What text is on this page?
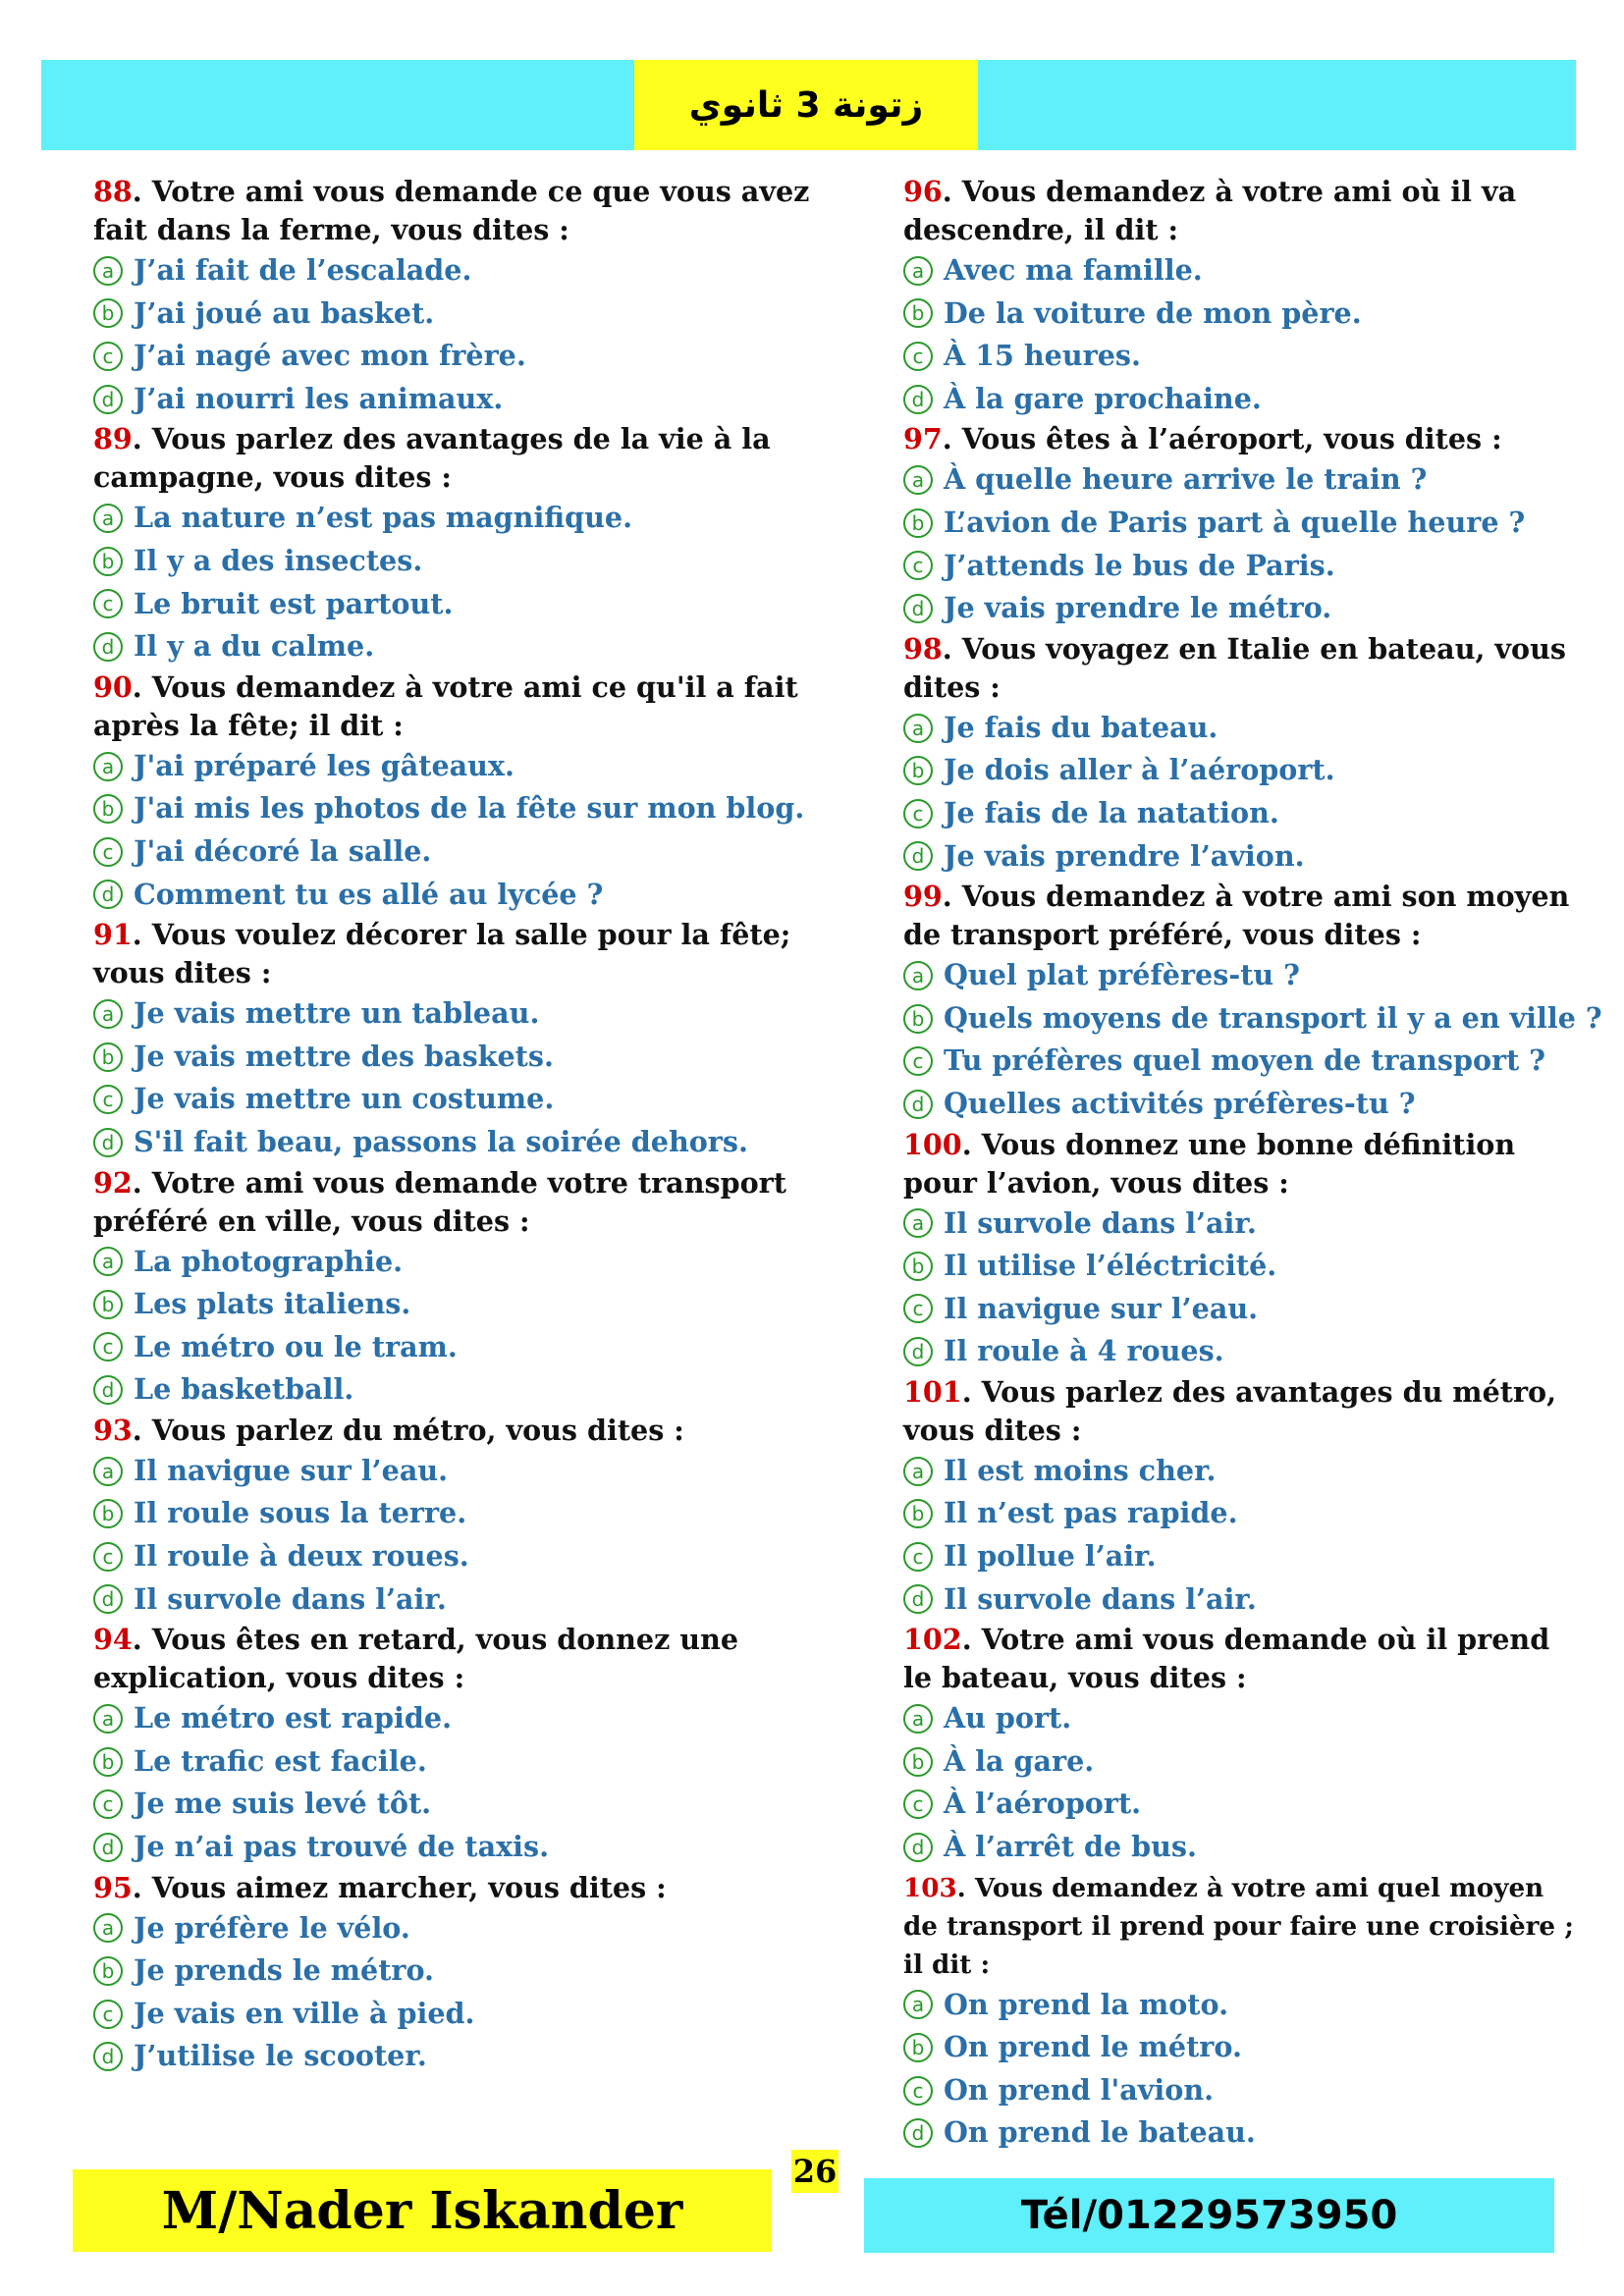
زتونة 3 ثانوي

88. Votre ami vous demande ce que vous avez fait dans la ferme, vous dites :

a J’ai fait de l’escalade.
b J’ai joué au basket.
c J’ai nagé avec mon frère.
d J’ai nourri les animaux.

89. Vous parlez des avantages de la vie à la campagne, vous dites :

a La nature n’est pas magnifique.
b Il y a des insectes.
c Le bruit est partout.
d Il y a du calme.

90. Vous demandez à votre ami ce qu'il a fait après la fête; il dit :

a J'ai préparé les gâteaux.
b J'ai mis les photos de la fête sur mon blog.
c J'ai décoré la salle.
d Comment tu es allé au lycée ?

91. Vous voulez décorer la salle pour la fête; vous dites :

a Je vais mettre un tableau.
b Je vais mettre des baskets.
c Je vais mettre un costume.
d S'il fait beau, passons la soirée dehors.

92. Votre ami vous demande votre transport préféré en ville, vous dites :

a La photographie.
b Les plats italiens.
c Le métro ou le tram.
d Le basketball.

93. Vous parlez du métro, vous dites :

a Il navigue sur l’eau.
b Il roule sous la terre.
c Il roule à deux roues.
d Il survole dans l’air.

94. Vous êtes en retard, vous donnez une explication, vous dites :

a Le métro est rapide.
b Le trafic est facile.
c Je me suis levé tôt.
d Je n’ai pas trouvé de taxis.

95. Vous aimez marcher, vous dites :

a Je préfère le vélo.
b Je prends le métro.
c Je vais en ville à pied.
d J’utilise le scooter.

96. Vous demandez à votre ami où il va descendre, il dit :

a Avec ma famille.
b De la voiture de mon père.
c À 15 heures.
d À la gare prochaine.

97. Vous êtes à l’aéroport, vous dites :

a À quelle heure arrive le train ?
b L’avion de Paris part à quelle heure ?
c J’attends le bus de Paris.
d Je vais prendre le métro.

98. Vous voyagez en Italie en bateau, vous dites :

a Je fais du bateau.
b Je dois aller à l’aéroport.
c Je fais de la natation.
d Je vais prendre l’avion.

99. Vous demandez à votre ami son moyen de transport préféré, vous dites :

a Quel plat préfères-tu ?
b Quels moyens de transport il y a en ville ?
c Tu préfères quel moyen de transport ?
d Quelles activités préfères-tu ?

100. Vous donnez une bonne définition pour l’avion, vous dites :

a Il survole dans l’air.
b Il utilise l’éléctricité.
c Il navigue sur l’eau.
d Il roule à 4 roues.

101. Vous parlez des avantages du métro, vous dites :

a Il est moins cher.
b Il n’est pas rapide.
c Il pollue l’air.
d Il survole dans l’air.

102. Votre ami vous demande où il prend le bateau, vous dites :

a Au port.
b À la gare.
c À l’aéroport.
d À l’arrêt de bus.

103. Vous demandez à votre ami quel moyen de transport il prend pour faire une croisière ; il dit :

a On prend la moto.
b On prend le métro.
c On prend l'avion.
d On prend le bateau.
26
M/Nader Iskander	Tél/01229573950
